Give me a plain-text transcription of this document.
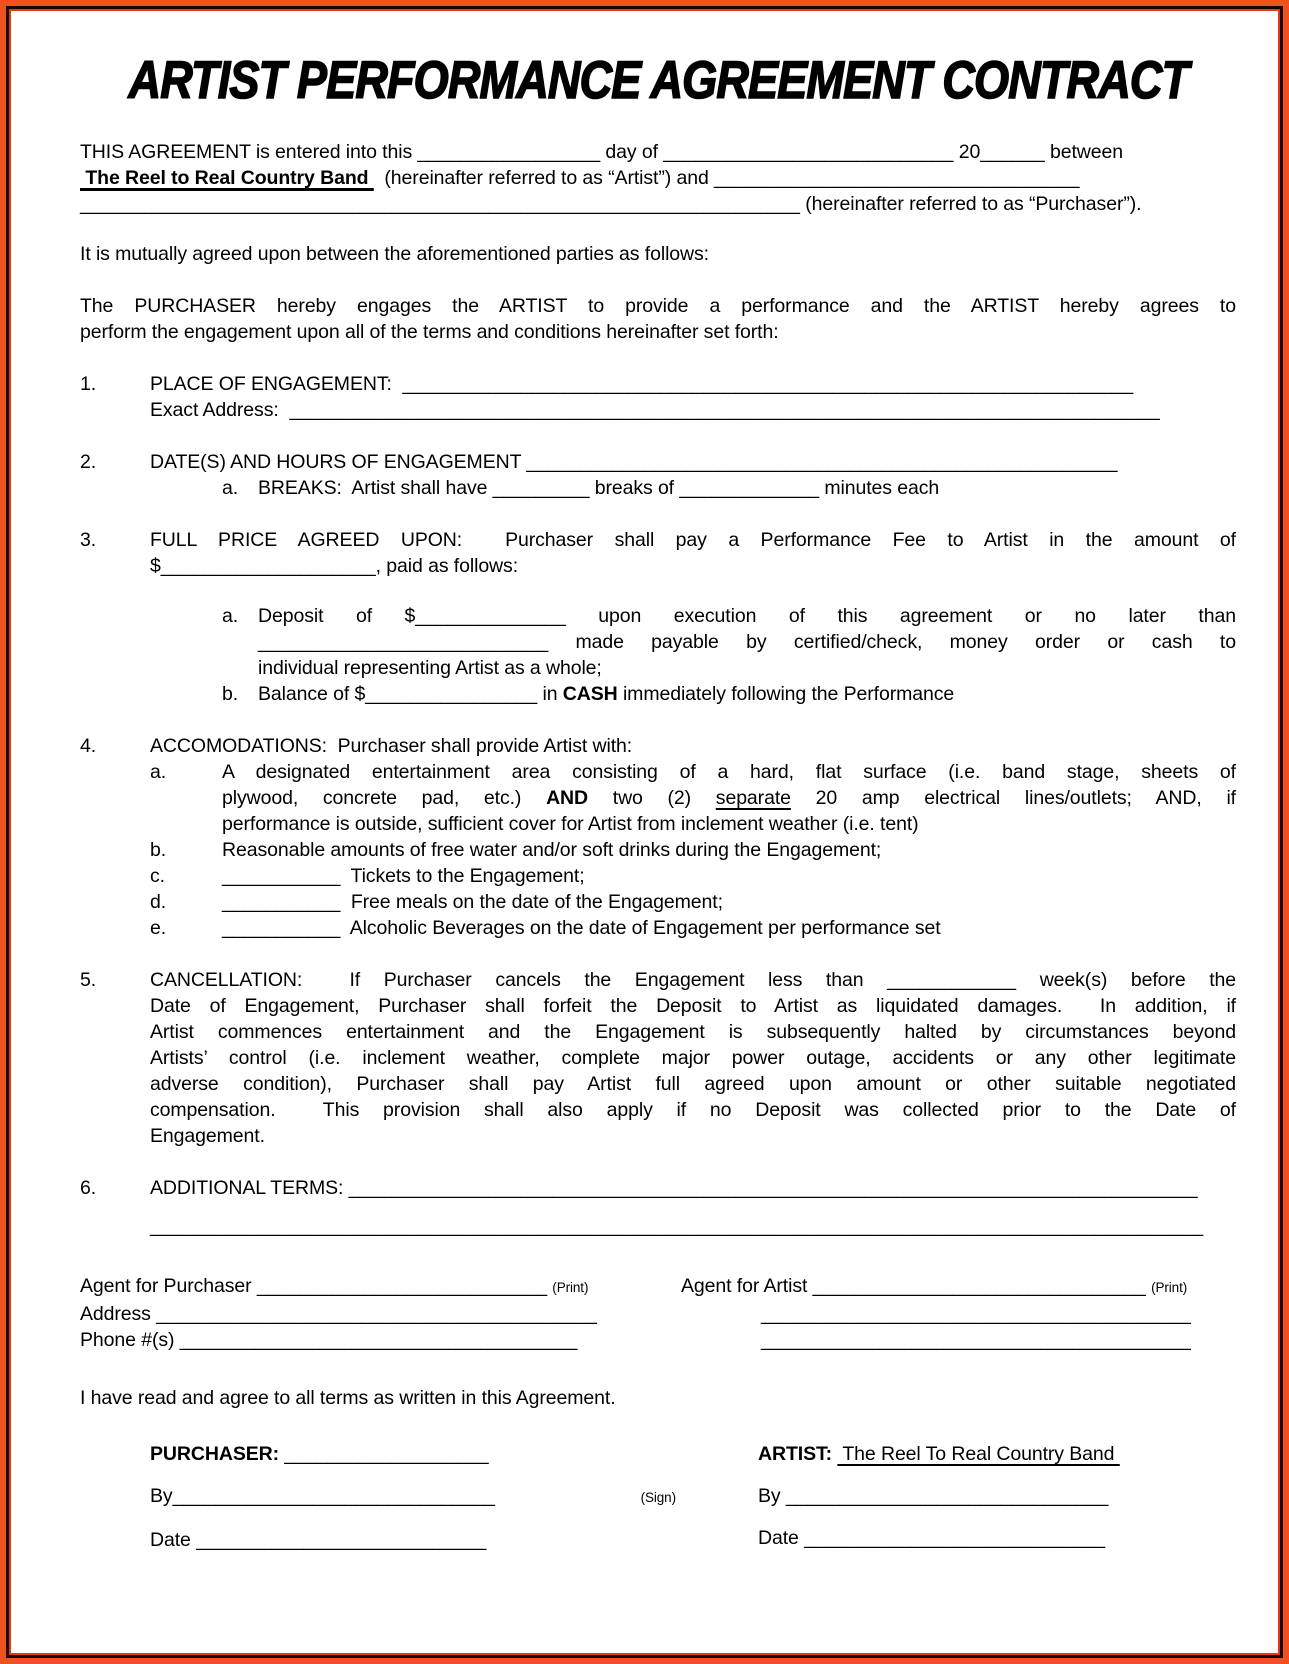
ARTIST PERFORMANCE AGREEMENT CONTRACT
THIS AGREEMENT is entered into this _________________ day of ___________________________ 20______ between
The Reel to Real Country Band   (hereinafter referred to as “Artist”) and __________________________________
___________________________________________________________________ (hereinafter referred to as “Purchaser”).
It is mutually agreed upon between the aforementioned parties as follows:
The PURCHASER hereby engages the ARTIST to provide a performance and the ARTIST hereby agrees to
perform the engagement upon all of the terms and conditions hereinafter set forth:
1.	PLACE OF ENGAGEMENT:  ____________________________________________________________________
Exact Address:  _________________________________________________________________________________
2.	DATE(S) AND HOURS OF ENGAGEMENT _______________________________________________________
a.	BREAKS:  Artist shall have _________ breaks of _____________ minutes each
3.	FULL PRICE AGREED UPON:  Purchaser shall pay a Performance Fee to Artist in the amount of
$____________________, paid as follows:
a.	Deposit of $______________ upon execution of this agreement or no later than
___________________________ made payable by certified/check, money order or cash to
individual representing Artist as a whole;
b.	Balance of $________________ in CASH immediately following the Performance
4.	ACCOMODATIONS:  Purchaser shall provide Artist with:
a.	A designated entertainment area consisting of a hard, flat surface (i.e. band stage, sheets of
plywood, concrete pad, etc.) AND two (2) separate 20 amp electrical lines/outlets; AND, if
performance is outside, sufficient cover for Artist from inclement weather (i.e. tent)
b.	Reasonable amounts of free water and/or soft drinks during the Engagement;
c.	___________  Tickets to the Engagement;
d.	___________  Free meals on the date of the Engagement;
e.	___________  Alcoholic Beverages on the date of Engagement per performance set
5.	CANCELLATION:  If Purchaser cancels the Engagement less than ____________ week(s) before the
Date of Engagement, Purchaser shall forfeit the Deposit to Artist as liquidated damages.  In addition, if
Artist commences entertainment and the Engagement is subsequently halted by circumstances beyond
Artists’ control (i.e. inclement weather, complete major power outage, accidents or any other legitimate
adverse condition), Purchaser shall pay Artist full agreed upon amount or other suitable negotiated
compensation.  This provision shall also apply if no Deposit was collected prior to the Date of
Engagement.
6.	ADDITIONAL TERMS: _______________________________________________________________________________
__________________________________________________________________________________________________
Agent for Purchaser ___________________________ (Print)
Address _________________________________________
Phone #(s) _____________________________________
Agent for Artist _______________________________ (Print)
________________________________________
________________________________________
I have read and agree to all terms as written in this Agreement.
PURCHASER: ___________________
By ______________________________	(Sign)
Date ___________________________
ARTIST:  The Reel To Real Country Band
By ______________________________
Date ____________________________
